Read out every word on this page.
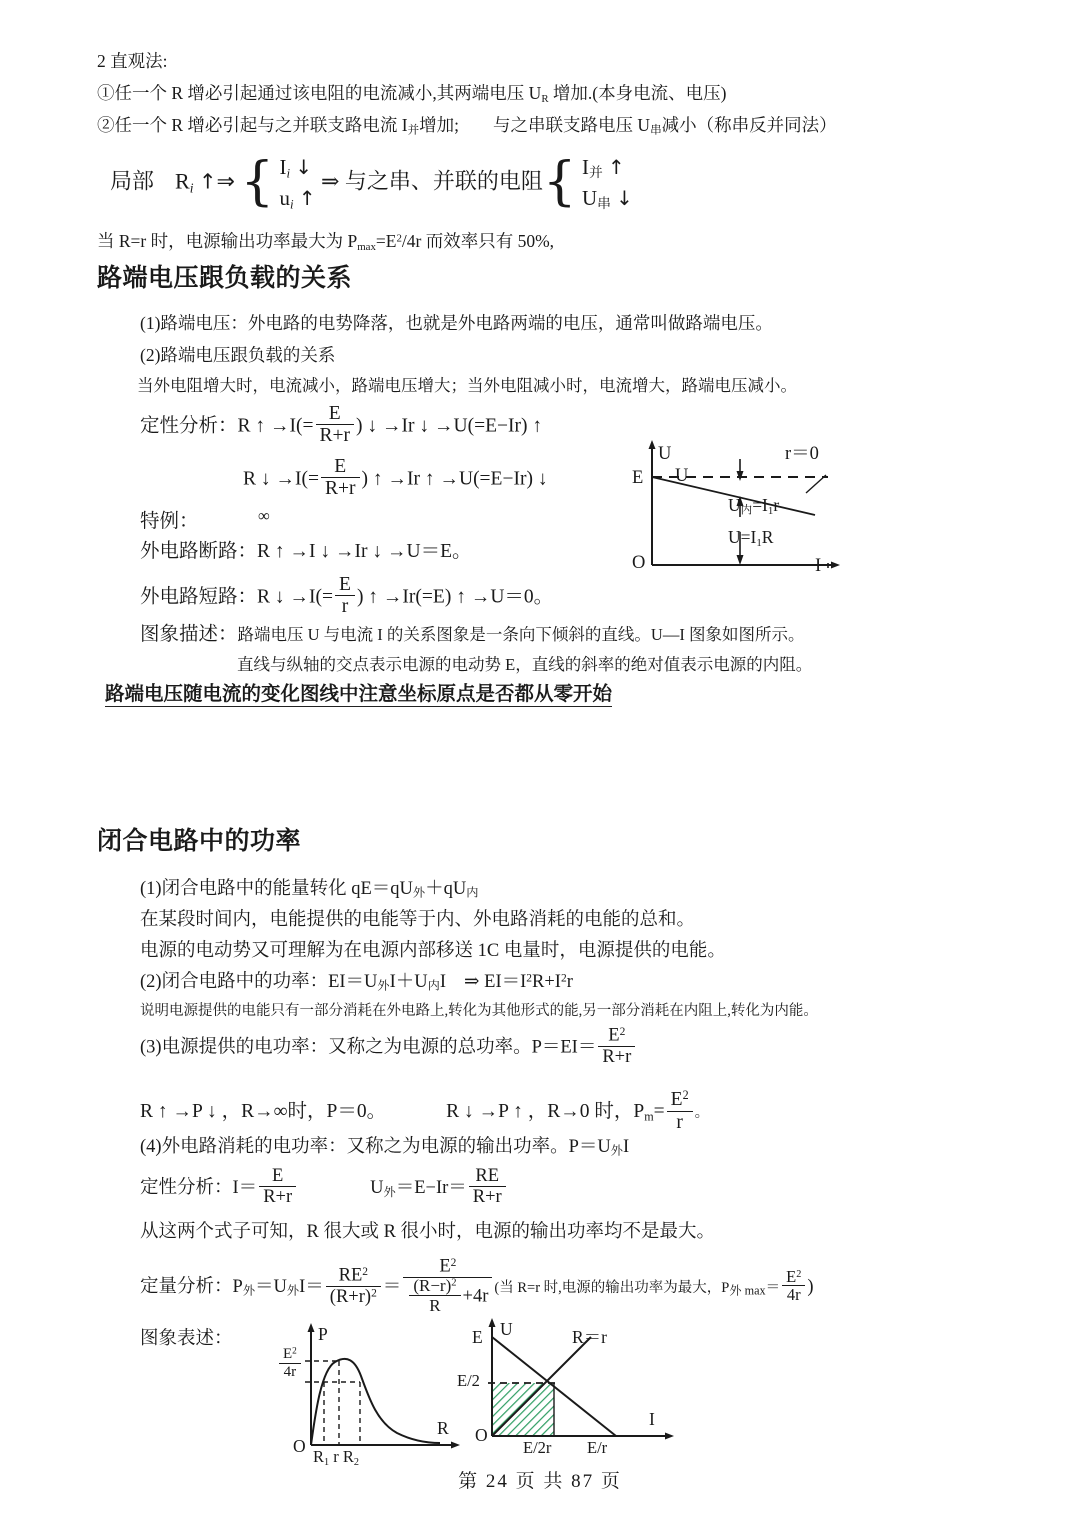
2 直观法:
①任一个 R 增必引起通过该电阻的电流减小,其两端电压 $U_R$ 增加.(本身电流、电压)
②任一个 R 增必引起与之并联支路电流 I并增加; 与之串联支路电压 U串减小（称串反并同法）
局部 $R_i$ ↑⇒ { $I_i$ ↓
$u_i$ ↑ ⇒ 与之串、并联的电阻{ I并 ↑
U串 ↓
当 R=r 时，电源输出功率最大为 $P_{max}=E^2/4r$ 而效率只有 50%,
路端电压跟负载的关系
(1)路端电压：外电路的电势降落，也就是外电路两端的电压，通常叫做路端电压。
(2)路端电压跟负载的关系
当外电阻增大时，电流减小，路端电压增大；当外电阻减小时，电流增大，路端电压减小。
定性分析：R ↑ $\to I(= \frac{E}{R+r}$ ) ↓ →Ir ↓ →U(=E−Ir) ↑
R ↓ $\to I(= \frac{E}{R+r}$ ) ↑ →Ir ↑ →U(=E−Ir) ↓
特例：	∞
外电路断路：R ↑ →I ↓ →Ir ↓ →U＝E。
外电路短路：R ↓ $\to I(= \frac{E}{r}$ ) ↑ →Ir(=E) ↑ →U＝0。
U
I
O
E U
r＝0
U内$=I_1r$
$U=I_1R$
图象描述：路端电压 U 与电流 I 的关系图象是一条向下倾斜的直线。U—I 图象如图所示。
直线与纵轴的交点表示电源的电动势 E，直线的斜率的绝对值表示电源的内阻。
路端电压随电流的变化图线中注意坐标原点是否都从零开始
闭合电路中的功率
(1)闭合电路中的能量转化 qE＝qU外＋qU内
在某段时间内，电能提供的电能等于内、外电路消耗的电能的总和。
电源的电动势又可理解为在电源内部移送 1C 电量时，电源提供的电能。
(2)闭合电路中的功率：EI＝U外I＋U内I ⇒ $EI=I^2R+I^2r$
说明电源提供的电能只有一部分消耗在外电路上,转化为其他形式的能,另一部分消耗在内阻上,转化为内能。
(3)电源提供的电功率：又称之为电源的总功率。$P=EI= \frac{E^2}{R+r}$
R ↑ →P ↓ ，R→∞时，P＝0。	R ↓ →P ↑ ，R→0 时，$P_m= \frac{E^2}{r}$ 。
(4)外电路消耗的电功率：又称之为电源的输出功率。P＝U外I
定性分析：$I= \frac{E}{R+r}$	U外$=E-Ir= \frac{RE}{R+r}$
从这两个式子可知，R 很大或 R 很小时，电源的输出功率均不是最大。
定量分析：P外＝U外$I= \frac{RE^2}{(R+r)^2} = \frac{E^2}{\frac{(R-r)^2}{R} +4r}$ (当 R=r 时,电源的输出功率为最大，P外 $\max= \frac{E^2}{4r}$ )
图象表述：	P
R
O
$\frac{E^2}{4r}$
$R_1$ r $R_2$
U
I
O
E
E/2
R＝r
E/2r E/r
第 24 页 共 87 页
